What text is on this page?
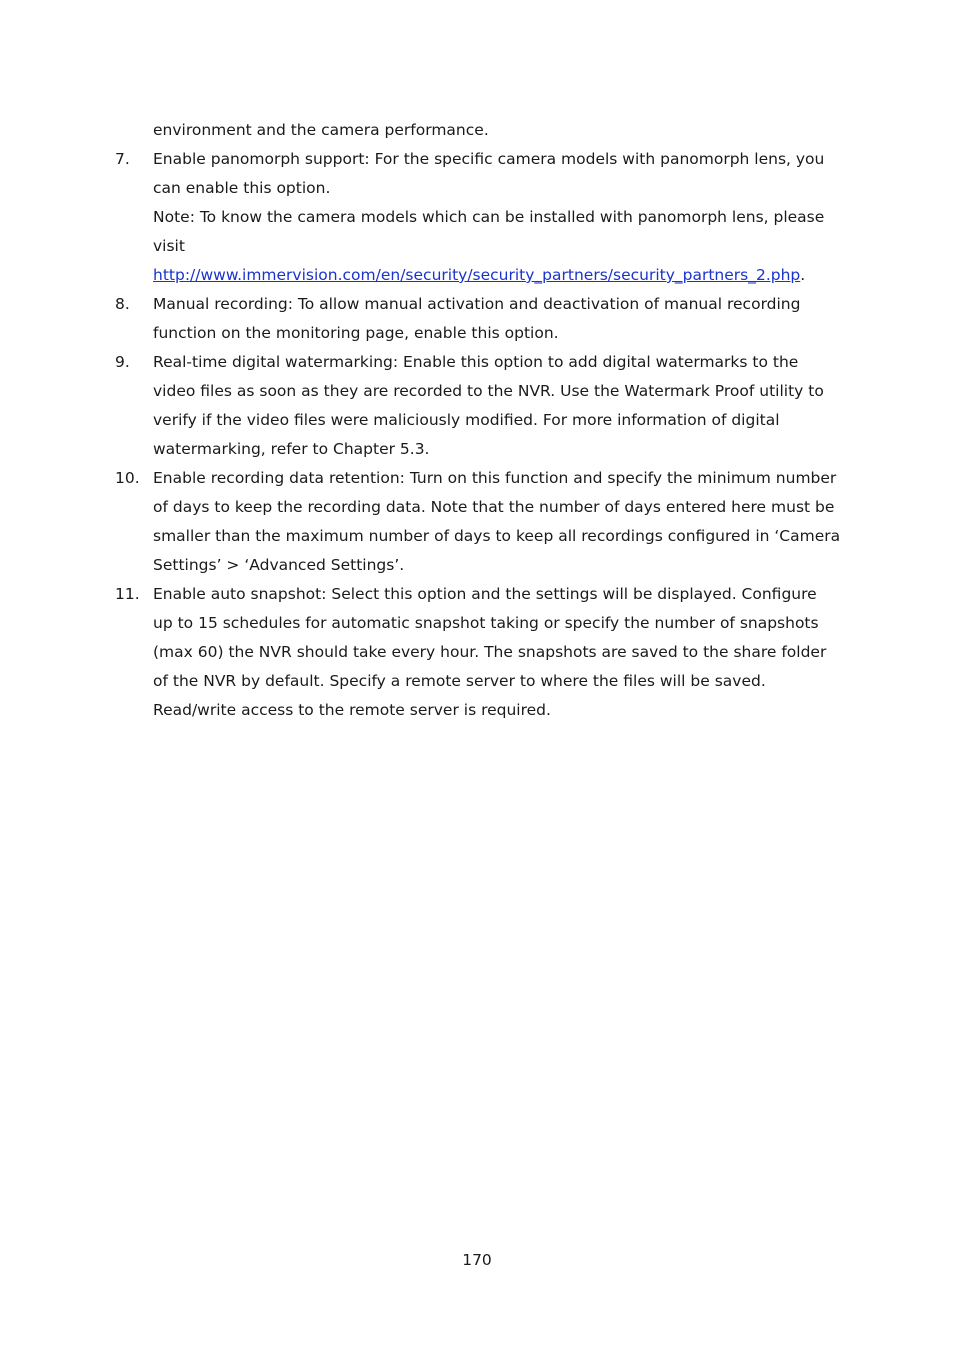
environment and the camera performance.
7.	Enable panomorph support: For the specific camera models with panomorph lens, you can enable this option.
Note: To know the camera models which can be installed with panomorph lens, please visit
http://www.immervision.com/en/security/security_partners/security_partners_2.php.
8.	Manual recording: To allow manual activation and deactivation of manual recording function on the monitoring page, enable this option.
9.	Real-time digital watermarking: Enable this option to add digital watermarks to the video files as soon as they are recorded to the NVR. Use the Watermark Proof utility to verify if the video files were maliciously modified. For more information of digital watermarking, refer to Chapter 5.3.
10. Enable recording data retention: Turn on this function and specify the minimum number of days to keep the recording data. Note that the number of days entered here must be smaller than the maximum number of days to keep all recordings configured in ‘Camera Settings’ > ‘Advanced Settings’.
11. Enable auto snapshot: Select this option and the settings will be displayed. Configure up to 15 schedules for automatic snapshot taking or specify the number of snapshots (max 60) the NVR should take every hour. The snapshots are saved to the share folder of the NVR by default. Specify a remote server to where the files will be saved. Read/write access to the remote server is required.
170
